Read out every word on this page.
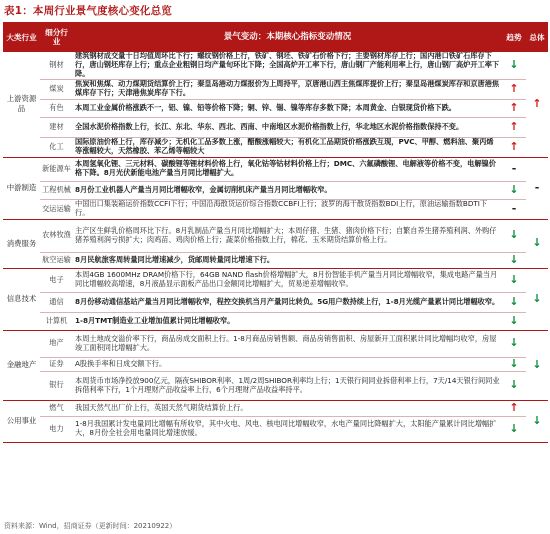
表1：本周行业景气度核心变化总览
大类行业	细分行业	景气变动：本期核心指标变动情况	趋势	总体
上游资源品	钢材	建筑钢材成交量十日均值周环比下行；螺纹钢价格上行，铁矿、钢坯、铁矿石价格下行；主要钢材库存上行；国内港口铁矿石库存下行，唐山钢坯库存上行；重点企业粗钢日均产量旬环比下降；全国高炉开工率下行，唐山钢厂产能利用率上行，唐山钢厂高炉开工率下降。	↓	↑
	煤炭	焦炭和焦煤、动力煤期货结算价上行；秦皇岛港动力煤报价为上周持平，京唐港山西主焦煤库提价上行；秦皇岛港煤炭库存和京唐港焦煤库存下行；天津港焦炭库存下行。	↑	
	有色	本周工业金属价格涨跌不一，铝、镍、铅等价格下降；铜、锌、锡、镍等库存多数下降；本周黄金、白银现货价格下跌。	↑	
	建材	全国水泥价格指数上行，长江、东北、华东、西北、西南、中南地区水泥价格指数上行，华北地区水泥价格指数保持不变。	↑	
	化工	国际原油价格上行，库存减少；无机化工品多数上涨，醋酸涨幅较大；有机化工品期货价格涨跌互现，PVC、甲醇、燃料油、聚丙烯等涨幅较大，天然橡胶、苯乙烯等幅较大	↑	
中游制造	新能源车	本周氢氧化锂、三元材料、碳酸锂等锂材料价格上行，氧化钴等钴材料价格上行；DMC、六氟磷酸锂、电解液等价格不变，电解镍价格下降。8月光伏新能电池产量当月同比增幅扩大。	-	-
	工程机械	8月份工业机器人产量当月同比增幅收窄，金属切削机床产量当月同比增幅收窄。	↓	
	交运运输	中国出口集装箱运价指数CCFI下行；中国沿海散货运价综合指数CCBFI上行；波罗的海干散货指数BDI上行，原油运输指数BDTI下行。	-	
消费服务	农林牧渔	主产区生鲜乳价格周环比下行。8月乳制品产量当月同比增幅扩大；本周仔猪、生猪、猪肉价格下行；自繁自养生猪养殖利润、外购仔猪养殖利润亏损扩大；肉鸡苗、鸡肉价格上行；蔬菜价格指数上行，棉花、玉米期货结算价格上行。	↓	↓
	航空运输	8月民航旅客周转量同比增速减少，货邮周转量同比增速下行。	↓	
信息技术	电子	本周4GB 1600MHz DRAM价格下行，64GB NAND flash价格增幅扩大，8月份智能手机产量当月同比增幅收窄，集成电路产量当月同比增幅较高增速，8月液晶显示面板产品出口金额同比增幅扩大，贸易逆差增幅收窄。	↓	↓
	通信	8月份移动通信基站产量当月同比增幅收窄，程控交换机当月产量同比转负。5G用户数持续上行，1-8月光缆产量累计同比增幅收窄。	↓	
	计算机	1-8月TMT制造业工业增加值累计同比增幅收窄。	↓	
金融地产	地产	本周土地成交溢价率下行，商品房成交面积上行。1-8月商品房销售额、商品房销售面积、房屋新开工面积累计同比增幅均收窄，房屋竣工面积同比增幅扩大。	↓	↓
	证券	A股换手率和日成交额下行。	↓	
	银行	本周货币市场净投放900亿元，隔夜SHIBOR利率、1周/2周SHIBOR利率均上行；1天银行间同业拆借利率上行，7天/14天银行间同业拆借利率下行，1个月理财产品收益率上行，6个月理财产品收益率持平。	↓	
公用事业	燃气	我国天然气出厂价上行，英国天然气期货结算价上行。	↑	↓
	电力	1-8月我国累计发电量同比增幅有所收窄，其中火电、风电、核电同比增幅收窄，水电产量同比降幅扩大，太阳能产量累计同比增幅扩大，8月份全社会用电量同比增速放缓。	↓	
资料来源：Wind，招商证券（更新时间：20210922）
